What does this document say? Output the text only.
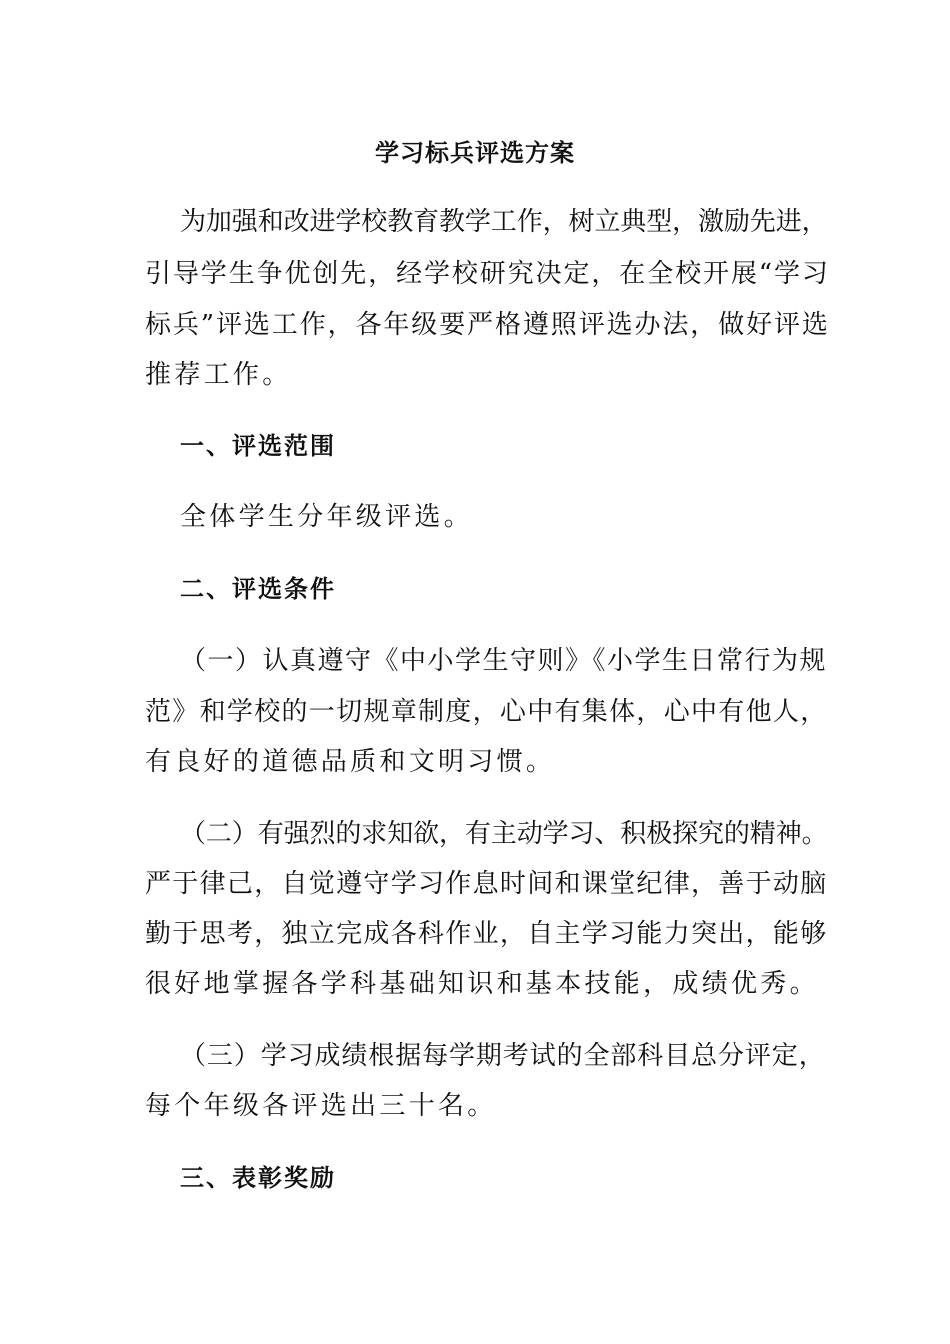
学习标兵评选方案
为加强和改进学校教育教学工作，树立典型，激励先进，
引导学生争优创先，经学校研究决定，在全校开展“学习
标兵”评选工作，各年级要严格遵照评选办法，做好评选
推荐工作。
一、评选范围
全体学生分年级评选。
二、评选条件
（一）认真遵守《中小学生守则》《小学生日常行为规
范》和学校的一切规章制度，心中有集体，心中有他人，
有良好的道德品质和文明习惯。
（二）有强烈的求知欲，有主动学习、积极探究的精神。
严于律己，自觉遵守学习作息时间和课堂纪律，善于动脑
勤于思考，独立完成各科作业，自主学习能力突出，能够
很好地掌握各学科基础知识和基本技能，成绩优秀。
（三）学习成绩根据每学期考试的全部科目总分评定，
每个年级各评选出三十名。
三、表彰奖励
